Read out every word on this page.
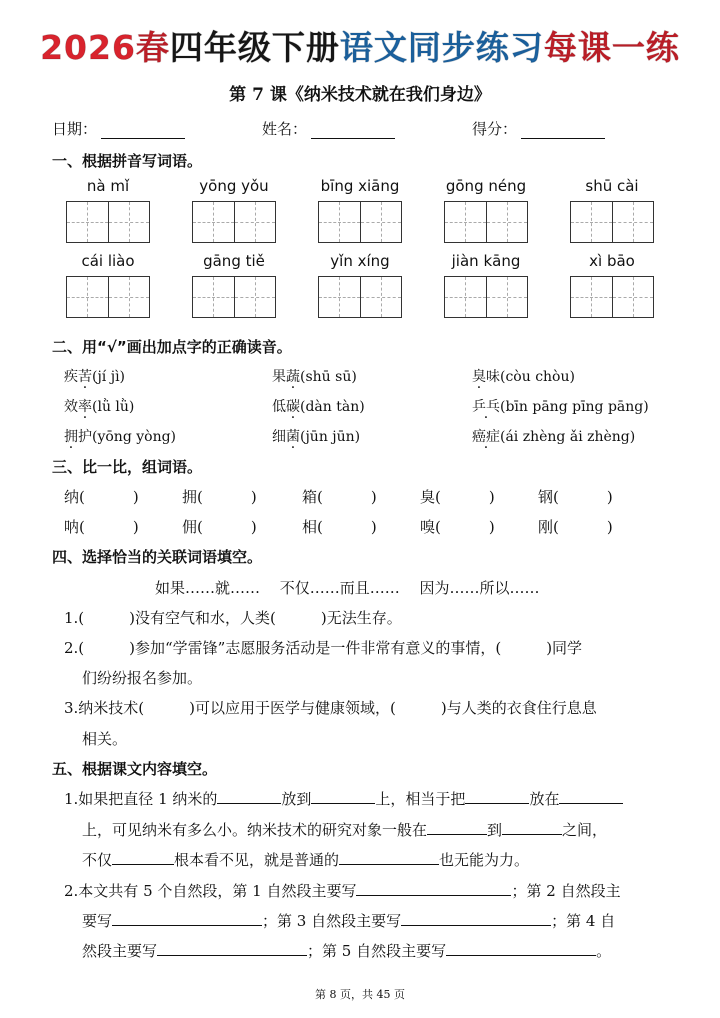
2026春四年级下册语文同步练习每课一练
第 7 课《纳米技术就在我们身边》
日期：	姓名：	得分：
一、根据拼音写词语。
nà mǐ	yōng yǒu	bīng xiāng	gōng néng	shū cài
cái liào	gāng tiě	yǐn xíng	jiàn kāng	xì bāo
二、用“√”画出加点字的正确读音。
疾苦(jí jì)	果蔬(shū sū)	臭味(còu chòu)
效率(lǜ lǜ)	低碳(dàn tàn)	乒乓(bīn pāng pīng pāng)
拥护(yōng yòng)	细菌(jūn jūn)	癌症(ái zhèng ǎi zhèng)
三、比一比，组词语。
纳(	)	拥(	)	箱(	)	臭(	)	钢(	)
呐(	)	佣(	)	相(	)	嗅(	)	刚(	)
四、选择恰当的关联词语填空。
如果……就……　 不仅……而且……　 因为……所以……
1.(　　　)没有空气和水，人类(　　　)无法生存。
2.(　　　)参加“学雷锋”志愿服务活动是一件非常有意义的事情，(　　　)同学
们纷纷报名参加。
3.纳米技术(　　　)可以应用于医学与健康领域，(　　　)与人类的衣食住行息息
相关。
五、根据课文内容填空。
1.如果把直径 1 纳米的	放到	上，相当于把	放在
上，可见纳米有多么小。纳米技术的研究对象一般在	到	之间，
不仅	根本看不见，就是普通的	也无能为力。
2.本文共有 5 个自然段，第 1 自然段主要写	；第 2 自然段主
要写	；第 3 自然段主要写	；第 4 自
然段主要写	；第 5 自然段主要写	。
第 8 页，共 45 页
